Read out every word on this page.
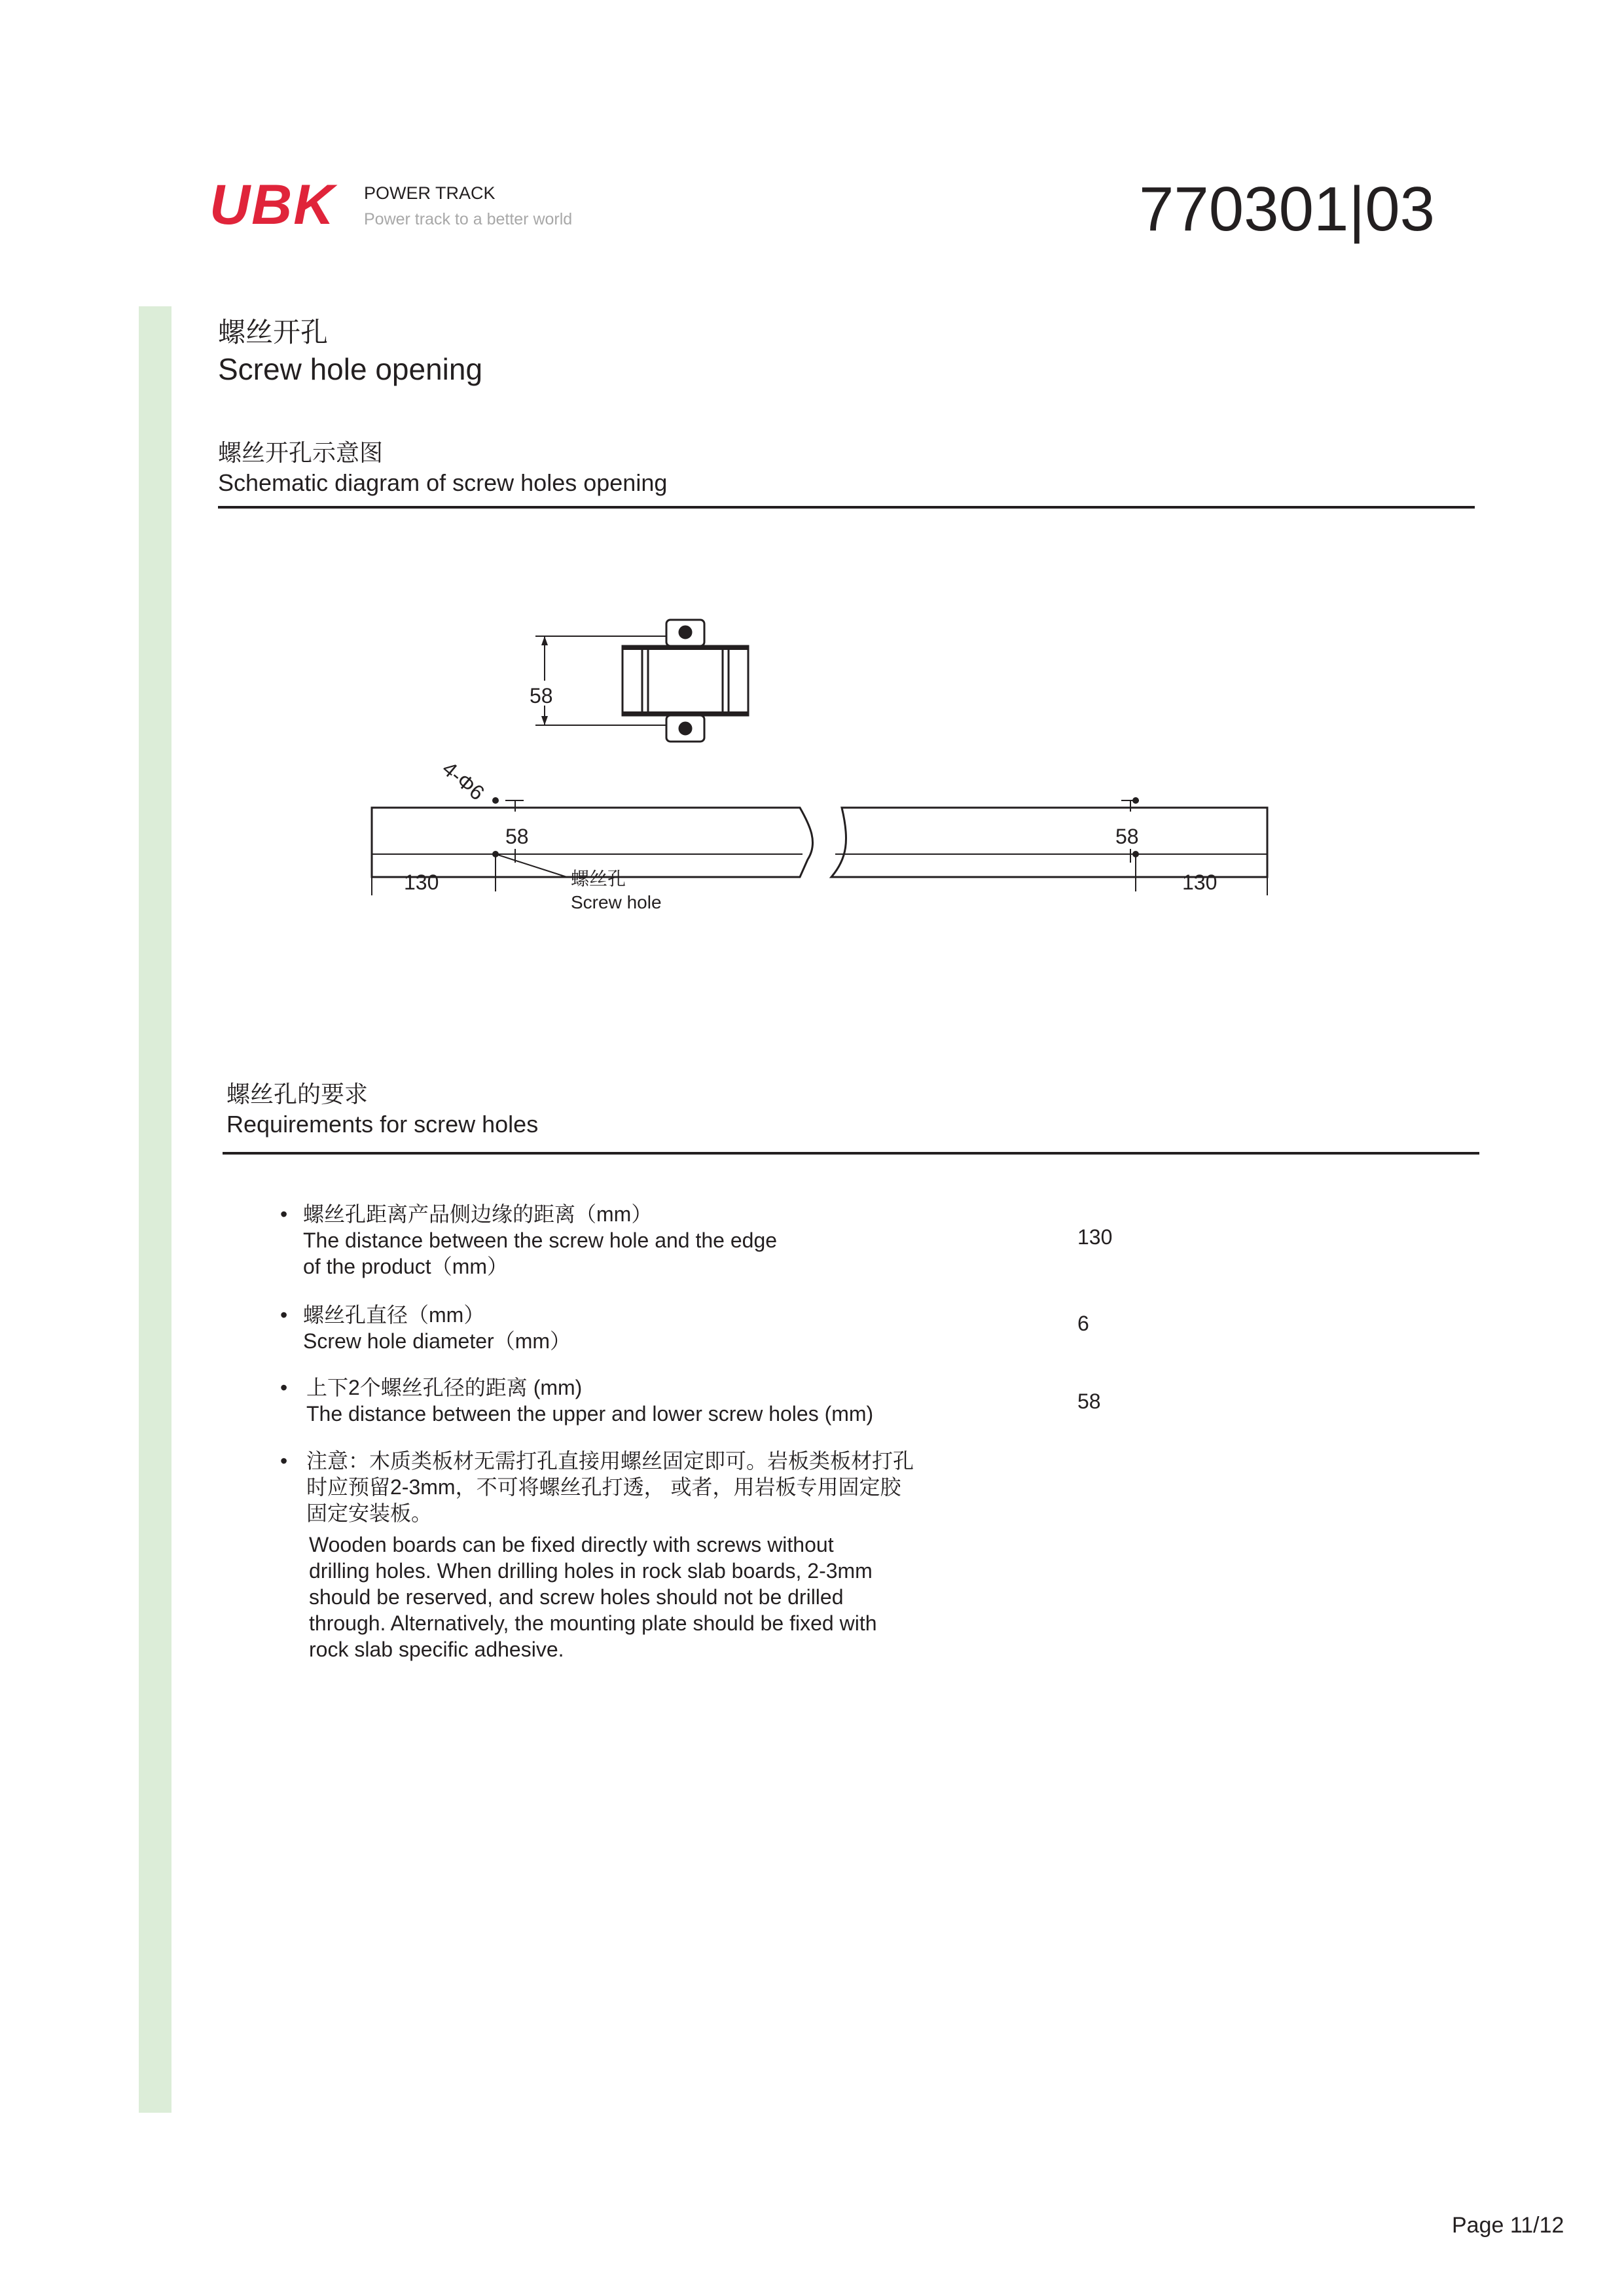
UBK POWER TRACK
Power track to a better world	770301|03
螺丝开孔
Screw hole opening
螺丝开孔示意图
Schematic diagram of screw holes opening
58
4-Φ6
58	58
130	130
螺丝孔
Screw hole
螺丝孔的要求
Requirements for screw holes
• 螺丝孔距离产品侧边缘的距离（mm）
The distance between the screw hole and the edge
of the product（mm）
130
• 螺丝孔直径（mm）
Screw hole diameter（mm）
6
• 上下2个螺丝孔径的距离 (mm)
The distance between the upper and lower screw holes (mm)
58
• 注意：木质类板材无需打孔直接用螺丝固定即可。岩板类板材打孔
时应预留2-3mm，不可将螺丝孔打透， 或者，用岩板专用固定胶
固定安装板。
Wooden boards can be fixed directly with screws without
drilling holes. When drilling holes in rock slab boards, 2-3mm
should be reserved, and screw holes should not be drilled
through. Alternatively, the mounting plate should be fixed with
rock slab specific adhesive.
Page 11/12
